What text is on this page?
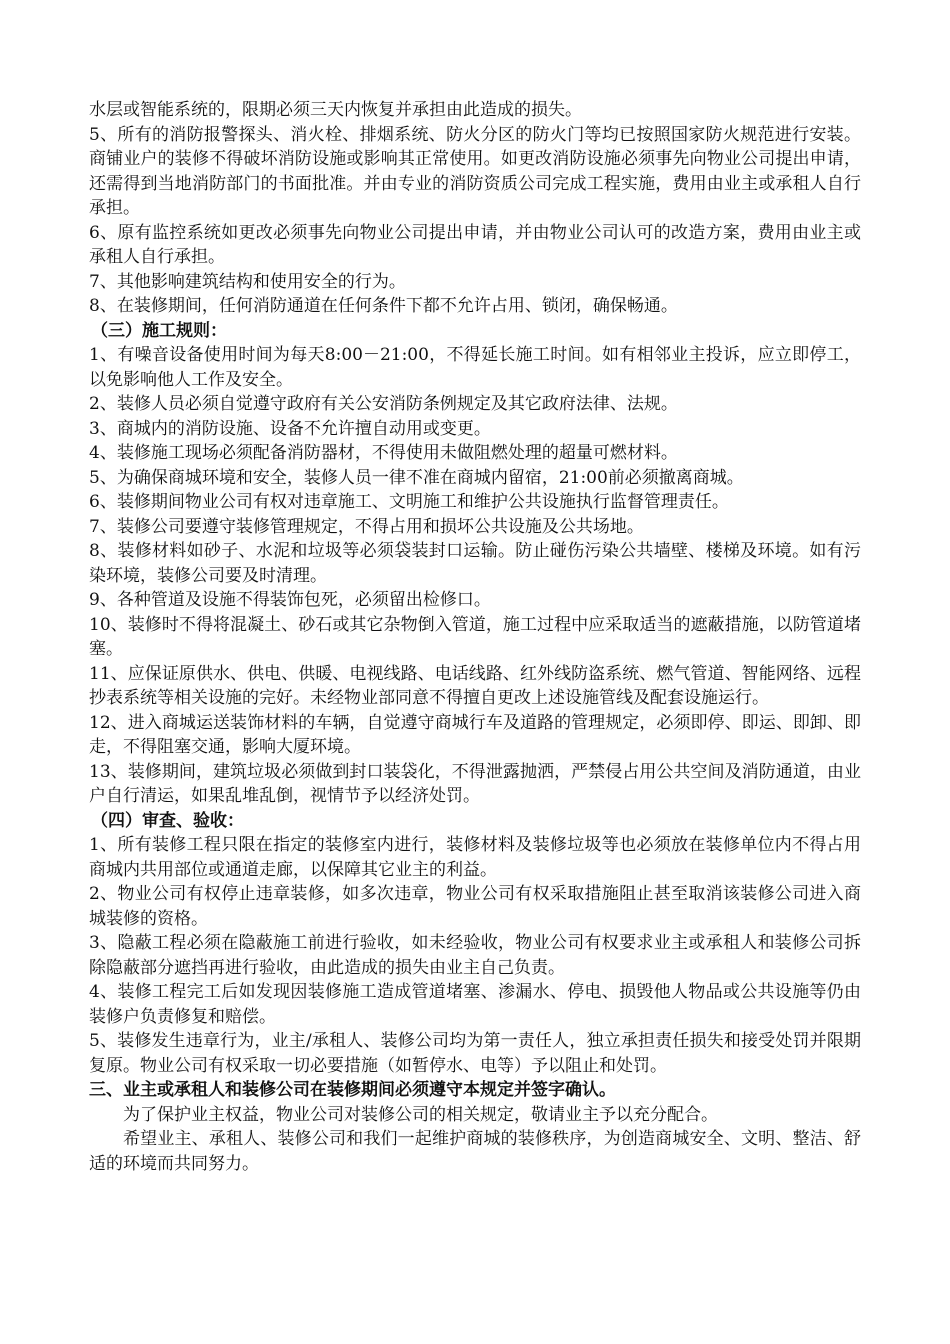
水层或智能系统的，限期必须三天内恢复并承担由此造成的损失。

5、所有的消防报警探头、消火栓、排烟系统、防火分区的防火门等均已按照国家防火规范进行安装。商铺业户的装修不得破坏消防设施或影响其正常使用。如更改消防设施必须事先向物业公司提出申请，还需得到当地消防部门的书面批准。并由专业的消防资质公司完成工程实施，费用由业主或承租人自行承担。

6、原有监控系统如更改必须事先向物业公司提出申请，并由物业公司认可的改造方案，费用由业主或承租人自行承担。

7、其他影响建筑结构和使用安全的行为。

8、在装修期间，任何消防通道在任何条件下都不允许占用、锁闭，确保畅通。

（三）施工规则：

1、有噪音设备使用时间为每天8:00－21:00，不得延长施工时间。如有相邻业主投诉，应立即停工，以免影响他人工作及安全。

2、装修人员必须自觉遵守政府有关公安消防条例规定及其它政府法律、法规。

3、商城内的消防设施、设备不允许擅自动用或变更。

4、装修施工现场必须配备消防器材，不得使用未做阻燃处理的超量可燃材料。

5、为确保商城环境和安全，装修人员一律不准在商城内留宿，21:00前必须撤离商城。

6、装修期间物业公司有权对违章施工、文明施工和维护公共设施执行监督管理责任。

7、装修公司要遵守装修管理规定，不得占用和损坏公共设施及公共场地。

8、装修材料如砂子、水泥和垃圾等必须袋装封口运输。防止碰伤污染公共墙壁、楼梯及环境。如有污染环境，装修公司要及时清理。

9、各种管道及设施不得装饰包死，必须留出检修口。

10、装修时不得将混凝土、砂石或其它杂物倒入管道，施工过程中应采取适当的遮蔽措施，以防管道堵塞。

11、应保证原供水、供电、供暖、电视线路、电话线路、红外线防盗系统、燃气管道、智能网络、远程抄表系统等相关设施的完好。未经物业部同意不得擅自更改上述设施管线及配套设施运行。

12、进入商城运送装饰材料的车辆，自觉遵守商城行车及道路的管理规定，必须即停、即运、即卸、即走，不得阻塞交通，影响大厦环境。

13、装修期间，建筑垃圾必须做到封口装袋化，不得泄露抛洒，严禁侵占用公共空间及消防通道，由业户自行清运，如果乱堆乱倒，视情节予以经济处罚。

（四）审查、验收：

1、所有装修工程只限在指定的装修室内进行，装修材料及装修垃圾等也必须放在装修单位内不得占用商城内共用部位或通道走廊，以保障其它业主的利益。

2、物业公司有权停止违章装修，如多次违章，物业公司有权采取措施阻止甚至取消该装修公司进入商城装修的资格。

3、隐蔽工程必须在隐蔽施工前进行验收，如未经验收，物业公司有权要求业主或承租人和装修公司拆除隐蔽部分遮挡再进行验收，由此造成的损失由业主自己负责。

4、装修工程完工后如发现因装修施工造成管道堵塞、渗漏水、停电、损毁他人物品或公共设施等仍由装修户负责修复和赔偿。

5、装修发生违章行为，业主/承租人、装修公司均为第一责任人，独立承担责任损失和接受处罚并限期复原。物业公司有权采取一切必要措施（如暂停水、电等）予以阻止和处罚。

三、业主或承租人和装修公司在装修期间必须遵守本规定并签字确认。

为了保护业主权益，物业公司对装修公司的相关规定，敬请业主予以充分配合。

希望业主、承租人、装修公司和我们一起维护商城的装修秩序，为创造商城安全、文明、整洁、舒适的环境而共同努力。
